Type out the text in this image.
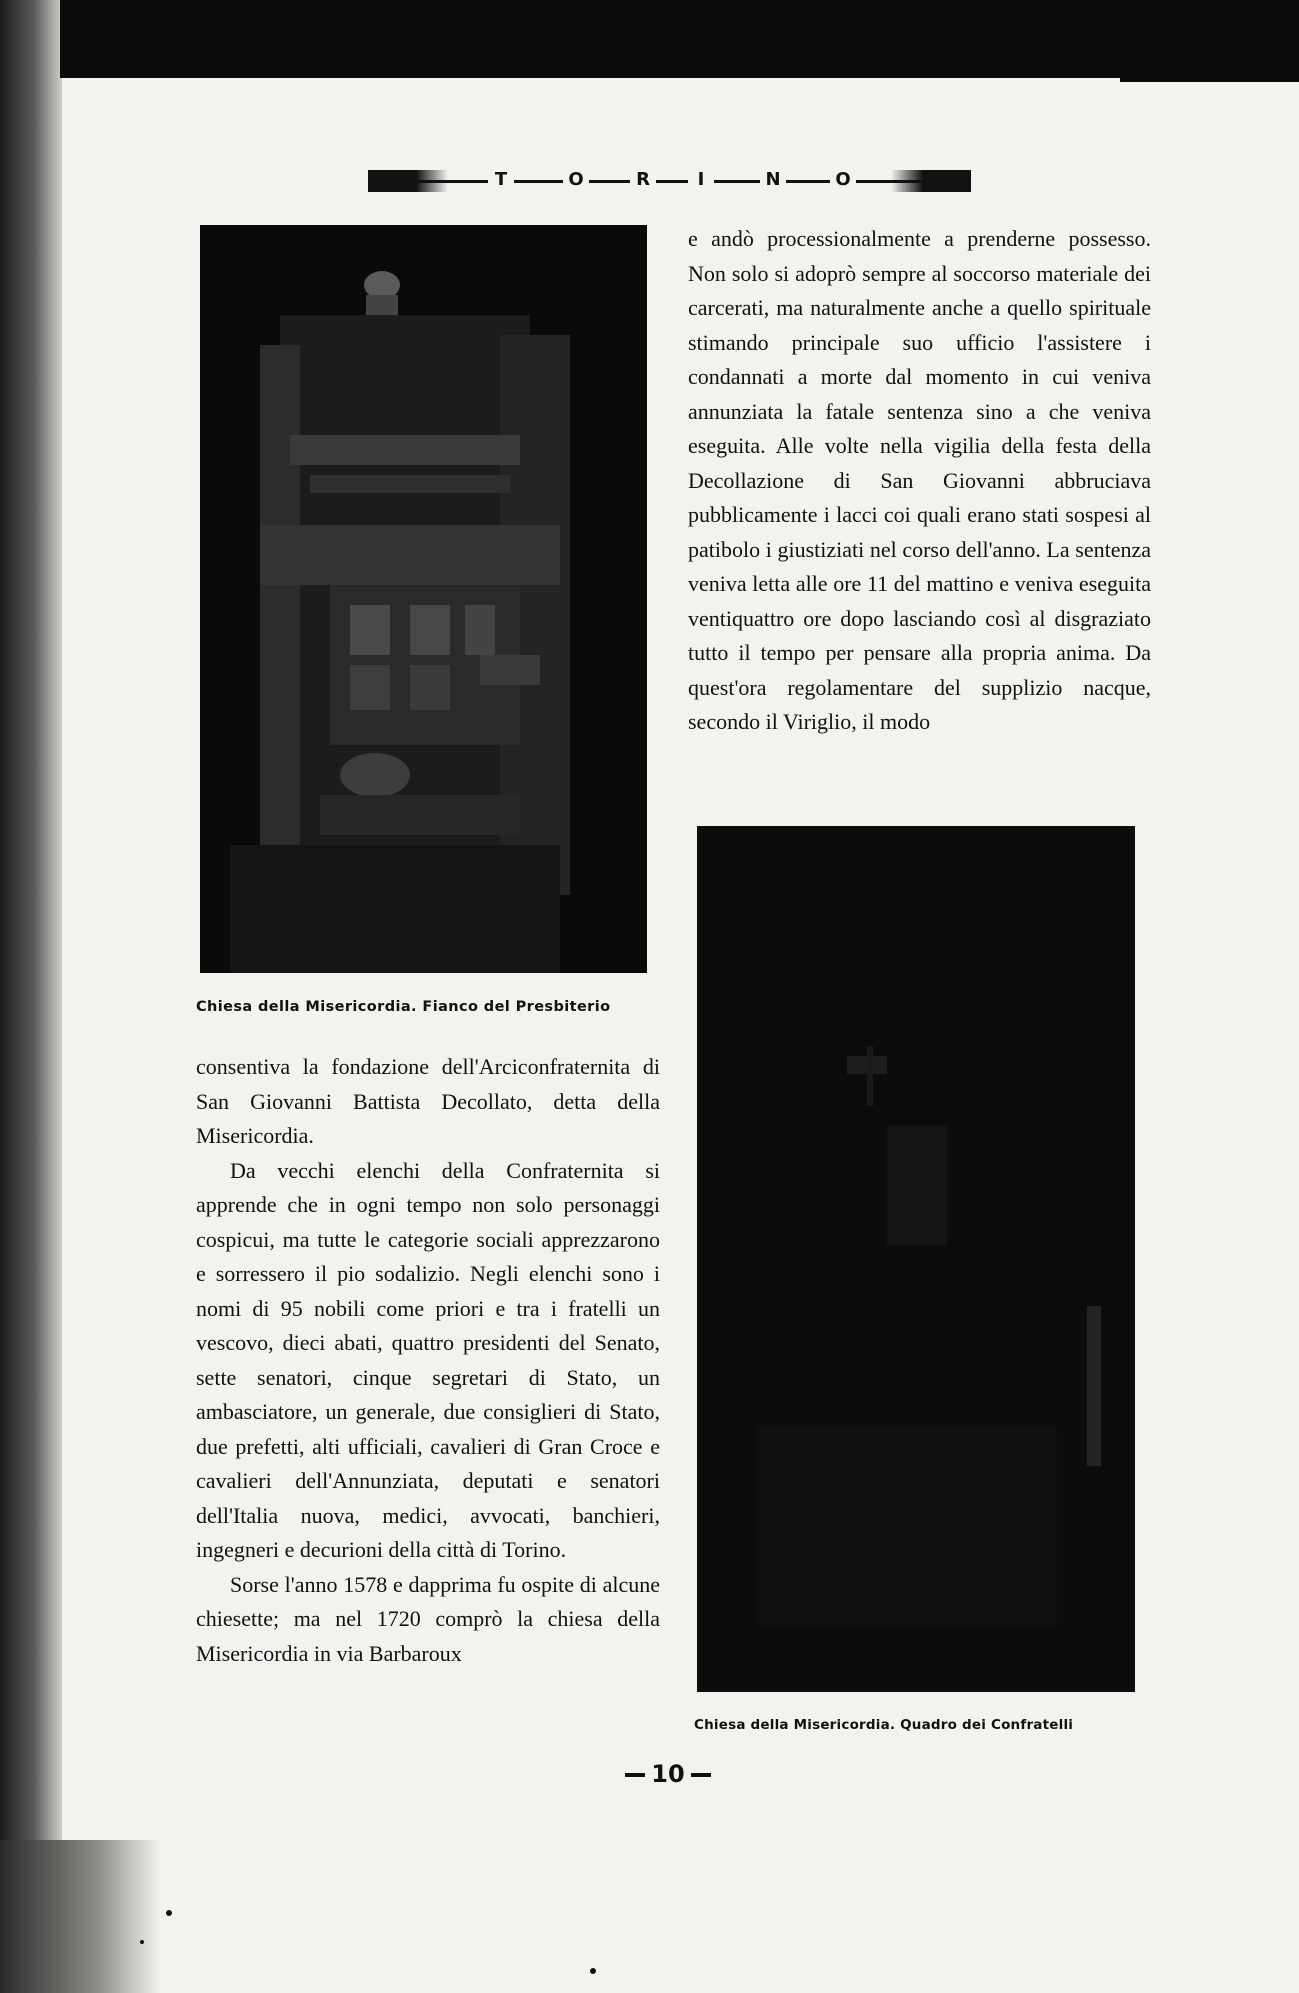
T	O	R	I	N	O
Chiesa della Misericordia. Fianco del Presbiterio

e andò processionalmente a prenderne possesso. Non solo si adoprò sempre al soccorso materiale dei carcerati, ma naturalmente anche a quello spirituale stimando principale suo ufficio l'assistere i condannati a morte dal momento in cui veniva annunziata la fatale sentenza sino a che veniva eseguita. Alle volte nella vigilia della festa della Decollazione di San Giovanni abbruciava pubblicamente i lacci coi quali erano stati sospesi al patibolo i giustiziati nel corso dell'anno. La sentenza veniva letta alle ore 11 del mattino e veniva eseguita ventiquattro ore dopo lasciando così al disgraziato tutto il tempo per pensare alla propria anima. Da quest'ora regolamentare del supplizio nacque, secondo il Viriglio, il modo

Chiesa della Misericordia. Quadro dei Confratelli

consentiva la fondazione dell'Arciconfraternita di San Giovanni Battista Decollato, detta della Misericordia.

Da vecchi elenchi della Confraternita si apprende che in ogni tempo non solo personaggi cospicui, ma tutte le categorie sociali apprezzarono e sorressero il pio sodalizio. Negli elenchi sono i nomi di 95 nobili come priori e tra i fratelli un vescovo, dieci abati, quattro presidenti del Senato, sette senatori, cinque segretari di Stato, un ambasciatore, un generale, due consiglieri di Stato, due prefetti, alti ufficiali, cavalieri di Gran Croce e cavalieri dell'Annunziata, deputati e senatori dell'Italia nuova, medici, avvocati, banchieri, ingegneri e decurioni della città di Torino.

Sorse l'anno 1578 e dapprima fu ospite di alcune chiesette; ma nel 1720 comprò la chiesa della Misericordia in via Barbaroux

10
